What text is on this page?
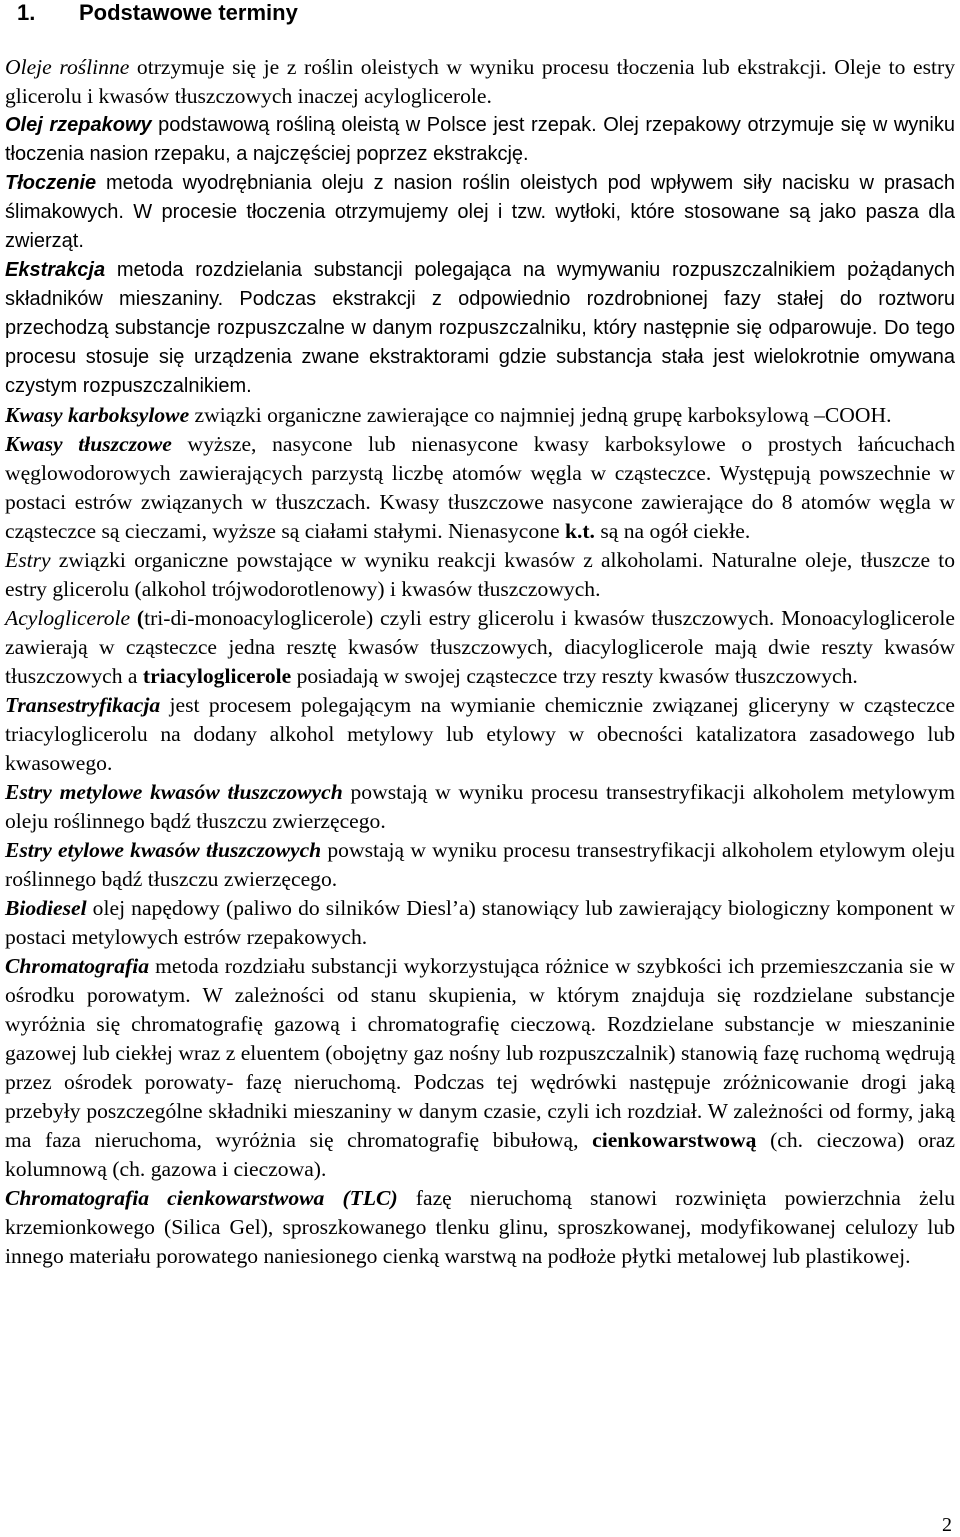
1. Podstawowe terminy

Oleje roślinne otrzymuje się je z roślin oleistych w wyniku procesu tłoczenia lub ekstrakcji. Oleje to estry glicerolu i kwasów tłuszczowych inaczej acyloglicerole.

Olej rzepakowy podstawową rośliną oleistą w Polsce jest rzepak. Olej rzepakowy otrzymuje się w wyniku tłoczenia nasion rzepaku, a najczęściej poprzez ekstrakcję.

Tłoczenie metoda wyodrębniania oleju z nasion roślin oleistych pod wpływem siły nacisku w prasach ślimakowych. W procesie tłoczenia otrzymujemy olej i tzw. wytłoki, które stosowane są jako pasza dla zwierząt.

Ekstrakcja metoda rozdzielania substancji polegająca na wymywaniu rozpuszczalnikiem pożądanych składników mieszaniny. Podczas ekstrakcji z odpowiednio rozdrobnionej fazy stałej do roztworu przechodzą substancje rozpuszczalne w danym rozpuszczalniku, który następnie się odparowuje. Do tego procesu stosuje się urządzenia zwane ekstraktorami gdzie substancja stała jest wielokrotnie omywana czystym rozpuszczalnikiem.

Kwasy karboksylowe związki organiczne zawierające co najmniej jedną grupę karboksylową –COOH.

Kwasy tłuszczowe wyższe, nasycone lub nienasycone kwasy karboksylowe o prostych łańcuchach węglowodorowych zawierających parzystą liczbę atomów węgla w cząsteczce. Występują powszechnie w postaci estrów związanych w tłuszczach. Kwasy tłuszczowe nasycone zawierające do 8 atomów węgla w cząsteczce są cieczami, wyższe są ciałami stałymi. Nienasycone k.t. są na ogół ciekłe.

Estry związki organiczne powstające w wyniku reakcji kwasów z alkoholami. Naturalne oleje, tłuszcze to estry glicerolu (alkohol trójwodorotlenowy) i kwasów tłuszczowych.

Acyloglicerole (tri-di-monoacyloglicerole) czyli estry glicerolu i kwasów tłuszczowych. Monoacyloglicerole zawierają w cząsteczce jedna resztę kwasów tłuszczowych, diacyloglicerole mają dwie reszty kwasów tłuszczowych a triacyloglicerole posiadają w swojej cząsteczce trzy reszty kwasów tłuszczowych.

Transestryfikacja jest procesem polegającym na wymianie chemicznie związanej gliceryny w cząsteczce triacyloglicerolu na dodany alkohol metylowy lub etylowy w obecności katalizatora zasadowego lub kwasowego.

Estry metylowe kwasów tłuszczowych powstają w wyniku procesu transestryfikacji alkoholem metylowym oleju roślinnego bądź tłuszczu zwierzęcego.

Estry etylowe kwasów tłuszczowych powstają w wyniku procesu transestryfikacji alkoholem etylowym oleju roślinnego bądź tłuszczu zwierzęcego.

Biodiesel olej napędowy (paliwo do silników Diesl’a) stanowiący lub zawierający biologiczny komponent w postaci metylowych estrów rzepakowych.

Chromatografia metoda rozdziału substancji wykorzystująca różnice w szybkości ich przemieszczania sie w ośrodku porowatym. W zależności od stanu skupienia, w którym znajduja się rozdzielane substancje wyróżnia się chromatografię gazową i chromatografię cieczową. Rozdzielane substancje w mieszaninie gazowej lub ciekłej wraz z eluentem (obojętny gaz nośny lub rozpuszczalnik) stanowią fazę ruchomą wędrują przez ośrodek porowaty- fazę nieruchomą. Podczas tej wędrówki następuje zróżnicowanie drogi jaką przebyły poszczególne składniki mieszaniny w danym czasie, czyli ich rozdział. W zależności od formy, jaką ma faza nieruchoma, wyróżnia się chromatografię bibułową, cienkowarstwową (ch. cieczowa) oraz kolumnową (ch. gazowa i cieczowa).

Chromatografia cienkowarstwowa (TLC) fazę nieruchomą stanowi rozwinięta powierzchnia żelu krzemionkowego (Silica Gel), sproszkowanego tlenku glinu, sproszkowanej, modyfikowanej celulozy lub innego materiału porowatego naniesionego cienką warstwą na podłoże płytki metalowej lub plastikowej.

2
